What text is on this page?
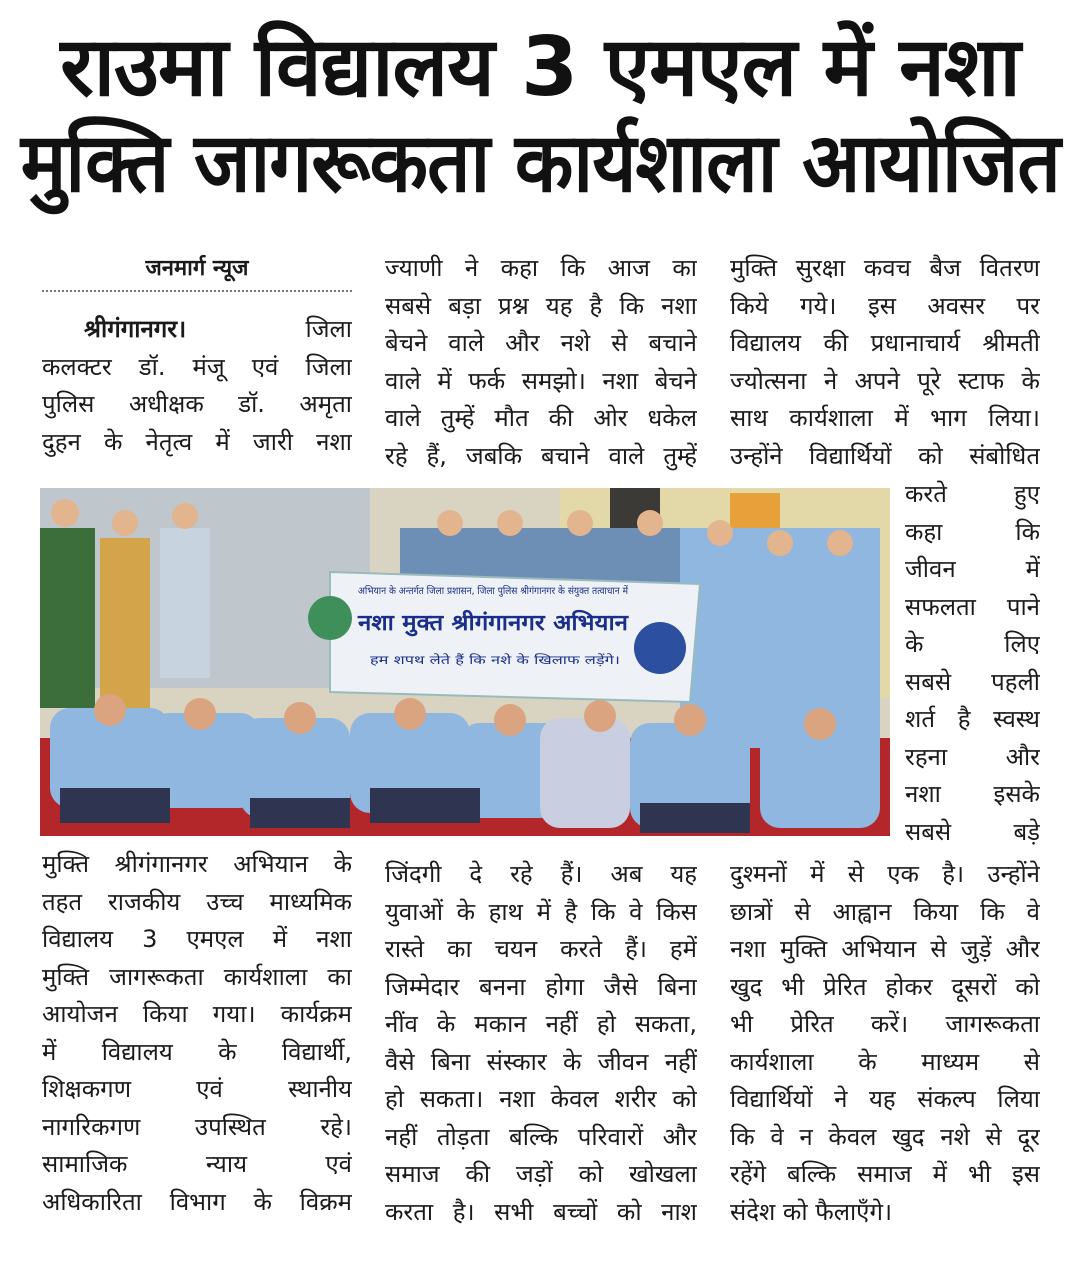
राउमा विद्यालय 3 एमएल में नशा
मुक्ति जागरूकता कार्यशाला आयोजित
जनमार्ग न्यूज
श्रीगंगानगर।	जिला
कलक्टर डॉ. मंजू एवं जिला
पुलिस अधीक्षक डॉ. अमृता
दुहन के नेतृत्व में जारी नशा
ज्याणी ने कहा कि आज का
सबसे बड़ा प्रश्न यह है कि नशा
बेचने वाले और नशे से बचाने
वाले में फर्क समझो। नशा बेचने
वाले तुम्हें मौत की ओर धकेल
रहे हैं, जबकि बचाने वाले तुम्हें
मुक्ति सुरक्षा कवच बैज वितरण
किये गये। इस अवसर पर
विद्यालय की प्रधानाचार्य श्रीमती
ज्योत्सना ने अपने पूरे स्टाफ के
साथ कार्यशाला में भाग लिया।
उन्होंने विद्यार्थियों को संबोधित
करते हुए
कहा कि
जीवन में
सफलता पाने
के लिए
सबसे पहली
शर्त है स्वस्थ
रहना और
नशा इसके
सबसे बड़े
मुक्ति श्रीगंगानगर अभियान के
तहत राजकीय उच्च माध्यमिक
विद्यालय 3 एमएल में नशा
मुक्ति जागरूकता कार्यशाला का
आयोजन किया गया। कार्यक्रम
में विद्यालय के विद्यार्थी,
शिक्षकगण एवं स्थानीय
नागरिकगण उपस्थित रहे।
सामाजिक न्याय एवं
अधिकारिता विभाग के विक्रम
जिंदगी दे रहे हैं। अब यह
युवाओं के हाथ में है कि वे किस
रास्ते का चयन करते हैं। हमें
जिम्मेदार बनना होगा जैसे बिना
नींव के मकान नहीं हो सकता,
वैसे बिना संस्कार के जीवन नहीं
हो सकता। नशा केवल शरीर को
नहीं तोड़ता बल्कि परिवारों और
समाज की जड़ों को खोखला
करता है। सभी बच्चों को नाश
दुश्मनों में से एक है। उन्होंने
छात्रों से आह्वान किया कि वे
नशा मुक्ति अभियान से जुड़ें और
खुद भी प्रेरित होकर दूसरों को
भी प्रेरित करें। जागरूकता
कार्यशाला के माध्यम से
विद्यार्थियों ने यह संकल्प लिया
कि वे न केवल खुद नशे से दूर
रहेंगे बल्कि समाज में भी इस
संदेश को फैलाएँगे।
अभियान के अन्तर्गत जिला प्रशासन, जिला पुलिस श्रीगंगानगर के संयुक्त तत्वाधान में
नशा मुक्त श्रीगंगानगर अभियान
हम शपथ लेते हैं कि नशे के खिलाफ लड़ेंगे।
